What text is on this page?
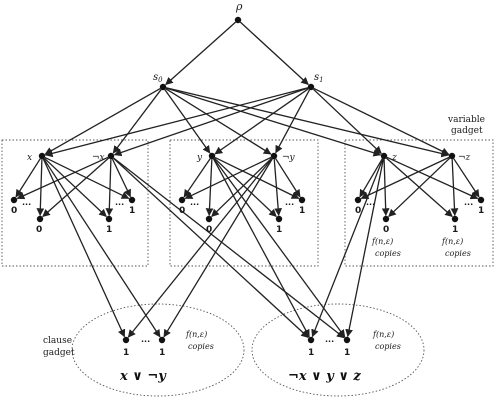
ρ
$s_0$	$s_1$
variable
gadget
clause
gadget
x	¬x	y	¬y	z	¬z
0
···
0	1
···
1	0
···
0	1
···
1	0
···
0
f(n,ε)
copies
1
f(n,ε)
copies
···
1
1
···
1
f(n,ε)
copies
x ∨ ¬y
1
···
1
f(n,ε)
copies
¬x ∨ y ∨ z
